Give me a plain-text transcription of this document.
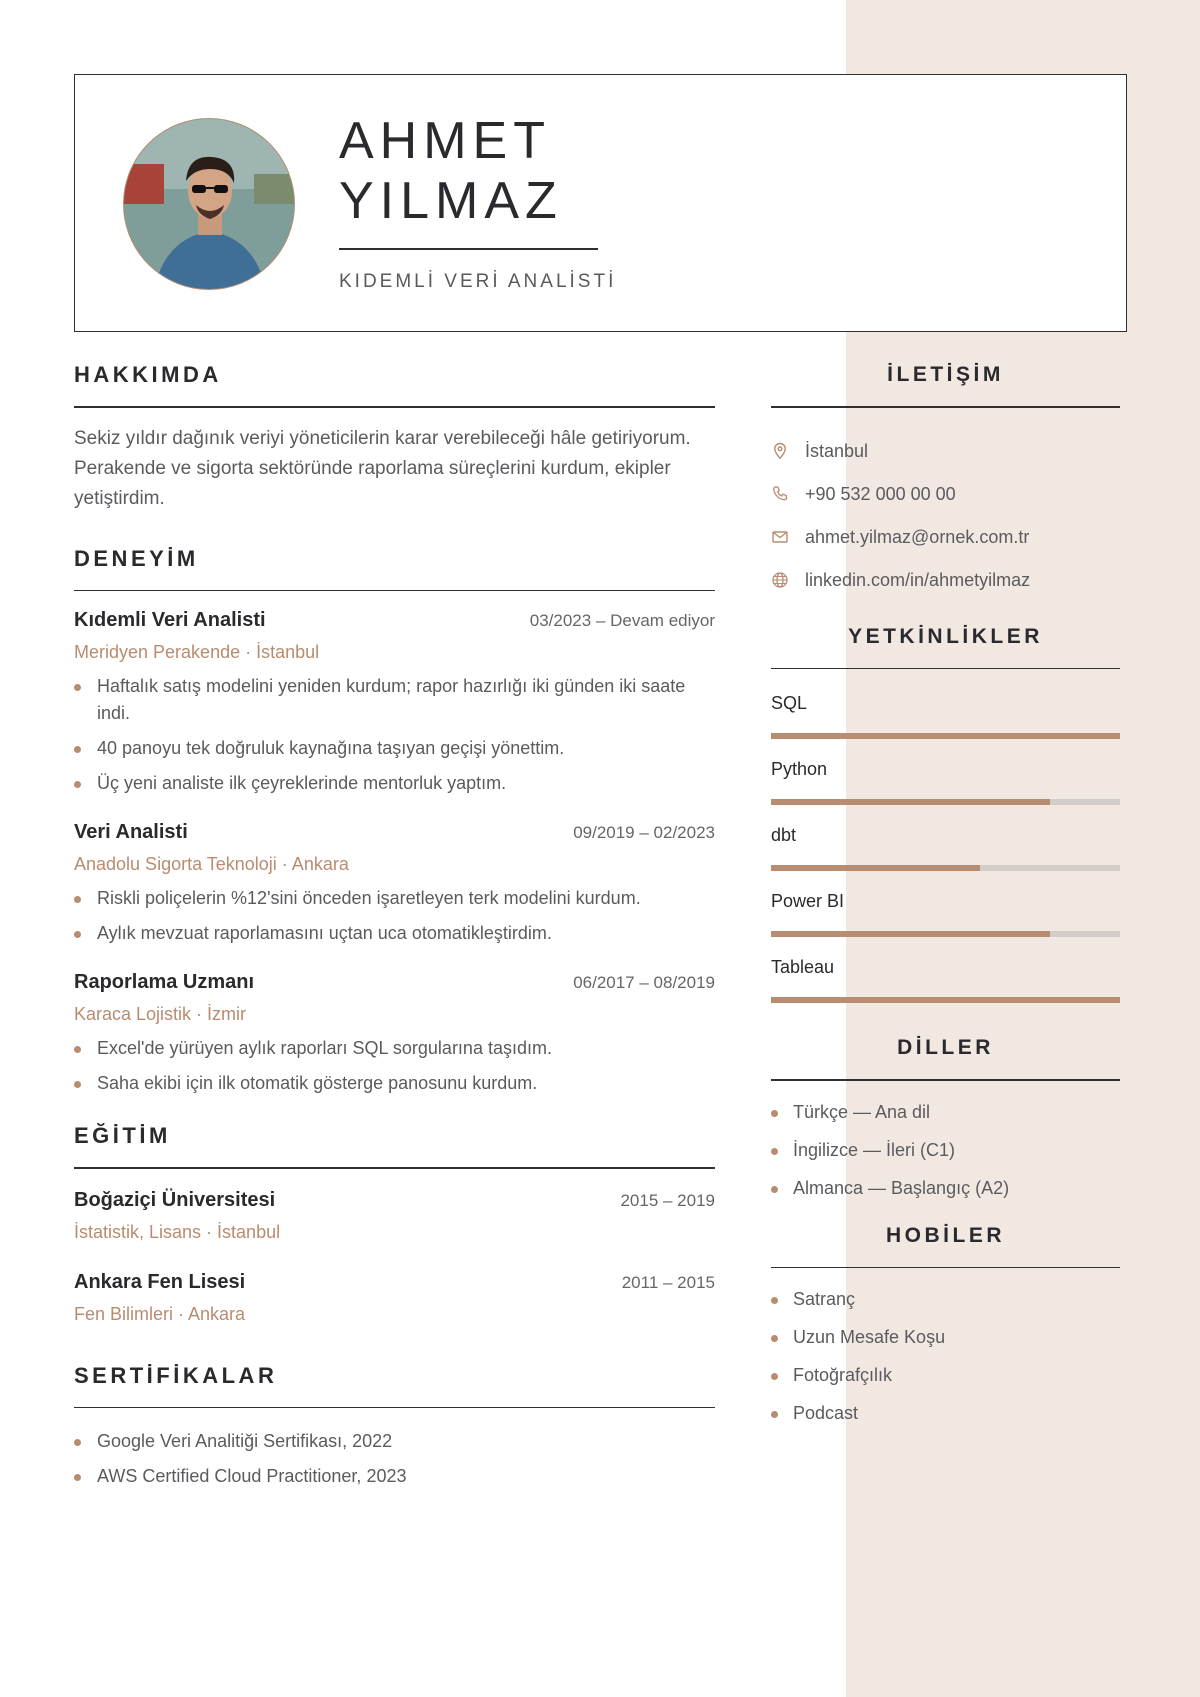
AHMET
YILMAZ
KIDEMLİ VERİ ANALİSTİ
HAKKIMDA

Sekiz yıldır dağınık veriyi yöneticilerin karar verebileceği hâle getiriyorum. Perakende ve sigorta sektöründe raporlama süreçlerini kurdum, ekipler yetiştirdim.

DENEYİM
Kıdemli Veri Analisti	03/2023 – Devam ediyor
Meridyen Perakende · İstanbul
Haftalık satış modelini yeniden kurdum; rapor hazırlığı iki günden iki saate indi.
40 panoyu tek doğruluk kaynağına taşıyan geçişi yönettim.
Üç yeni analiste ilk çeyreklerinde mentorluk yaptım.
Veri Analisti	09/2019 – 02/2023
Anadolu Sigorta Teknoloji · Ankara
Riskli poliçelerin %12'sini önceden işaretleyen terk modelini kurdum.
Aylık mevzuat raporlamasını uçtan uca otomatikleştirdim.
Raporlama Uzmanı	06/2017 – 08/2019
Karaca Lojistik · İzmir
Excel'de yürüyen aylık raporları SQL sorgularına taşıdım.
Saha ekibi için ilk otomatik gösterge panosunu kurdum.
EĞİTİM
Boğaziçi Üniversitesi	2015 – 2019
İstatistik, Lisans · İstanbul
Ankara Fen Lisesi	2011 – 2015
Fen Bilimleri · Ankara
SERTİFİKALAR
Google Veri Analitiği Sertifikası, 2022
AWS Certified Cloud Practitioner, 2023
İLETİŞİM
İstanbul
+90 532 000 00 00
ahmet.yilmaz@ornek.com.tr
linkedin.com/in/ahmetyilmaz
YETKİNLİKLER
SQL
Python
dbt
Power BI
Tableau
DİLLER
Türkçe — Ana dil
İngilizce — İleri (C1)
Almanca — Başlangıç (A2)
HOBİLER
Satranç
Uzun Mesafe Koşu
Fotoğrafçılık
Podcast
